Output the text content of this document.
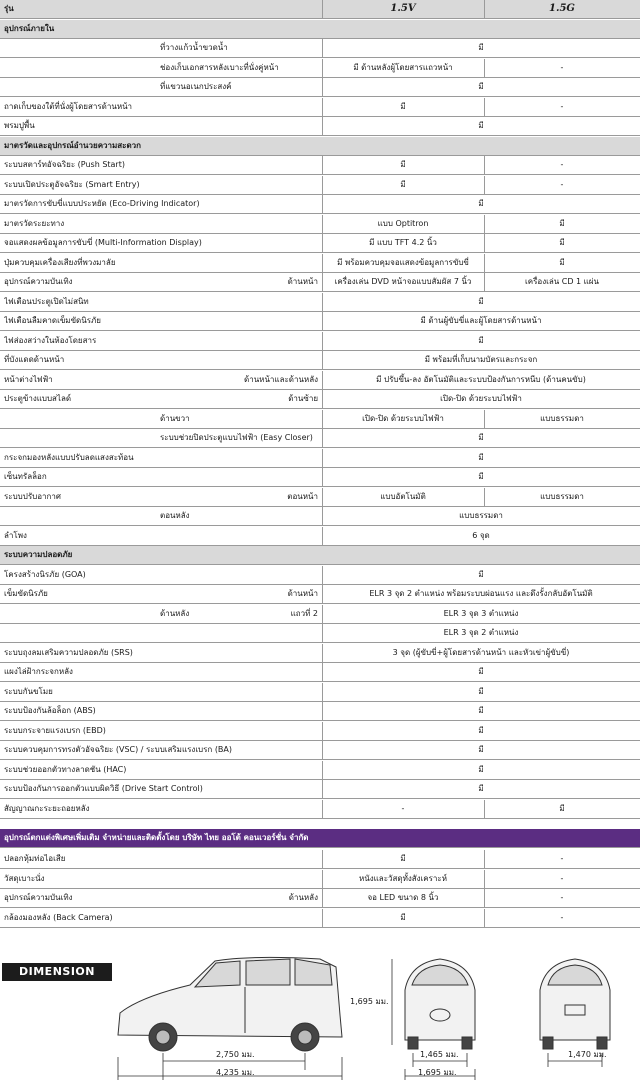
รุ่น	1.5V	1.5G
อุปกรณ์ภายใน
ที่วางแก้วน้ำขวดน้ำ	มี
ช่องเก็บเอกสารหลังเบาะที่นั่งคู่หน้า	มี ด้านหลังผู้โดยสารแถวหน้า	-
ที่แขวนอเนกประสงค์	มี
ถาดเก็บของใต้ที่นั่งผู้โดยสารด้านหน้า	มี	-
พรมปูพื้น	มี
มาตรวัดและอุปกรณ์อำนวยความสะดวก
ระบบสตาร์ทอัจฉริยะ (Push Start)	มี	-
ระบบเปิดประตูอัจฉริยะ (Smart Entry)	มี	-
มาตรวัดการขับขี่แบบประหยัด (Eco-Driving Indicator)	มี
มาตรวัดระยะทาง	แบบ Optitron	มี
จอแสดงผลข้อมูลการขับขี่ (Multi-Information Display)	มี แบบ TFT 4.2 นิ้ว	มี
ปุ่มควบคุมเครื่องเสียงที่พวงมาลัย	มี พร้อมควบคุมจอแสดงข้อมูลการขับขี่	มี
อุปกรณ์ความบันเทิง	ด้านหน้า	เครื่องเล่น DVD หน้าจอแบบสัมผัส 7 นิ้ว	เครื่องเล่น CD 1 แผ่น
ไฟเตือนประตูเปิดไม่สนิท	มี
ไฟเตือนลืมคาดเข็มขัดนิรภัย	มี ด้านผู้ขับขี่และผู้โดยสารด้านหน้า
ไฟส่องสว่างในห้องโดยสาร	มี
ที่บังแดดด้านหน้า	มี พร้อมที่เก็บนามบัตรและกระจก
หน้าต่างไฟฟ้า	ด้านหน้าและด้านหลัง	มี ปรับขึ้น-ลง อัตโนมัติและระบบป้องกันการหนีบ (ด้านคนขับ)
ประตูข้างแบบสไลด์	ด้านซ้าย	เปิด-ปิด ด้วยระบบไฟฟ้า
ด้านขวา	เปิด-ปิด ด้วยระบบไฟฟ้า	แบบธรรมดา
ระบบช่วยปิดประตูแบบไฟฟ้า (Easy Closer)	มี
กระจกมองหลังแบบปรับลดแสงสะท้อน	มี
เซ็นทรัลล็อก	มี
ระบบปรับอากาศ	ตอนหน้า	แบบอัตโนมัติ	แบบธรรมดา
ตอนหลัง	แบบธรรมดา
ลำโพง	6 จุด
ระบบความปลอดภัย
โครงสร้างนิรภัย (GOA)	มี
เข็มขัดนิรภัย	ด้านหน้า	ELR 3 จุด 2 ตำแหน่ง พร้อมระบบผ่อนแรง และดึงรั้งกลับอัตโนมัติ
ด้านหลัง	แถวที่ 2	ELR 3 จุด 3 ตำแหน่ง
ELR 3 จุด 2 ตำแหน่ง
ระบบถุงลมเสริมความปลอดภัย (SRS)	3 จุด (ผู้ขับขี่+ผู้โดยสารด้านหน้า และหัวเข่าผู้ขับขี่)
แผงไล่ฝ้ากระจกหลัง	มี
ระบบกันขโมย	มี
ระบบป้องกันล้อล็อก (ABS)	มี
ระบบกระจายแรงเบรก (EBD)	มี
ระบบควบคุมการทรงตัวอัจฉริยะ (VSC) / ระบบเสริมแรงเบรก (BA)	มี
ระบบช่วยออกตัวทางลาดชัน (HAC)	มี
ระบบป้องกันการออกตัวแบบผิดวิธี (Drive Start Control)	มี
สัญญาณกะระยะถอยหลัง	-	มี
อุปกรณ์ตกแต่งพิเศษเพิ่มเติม จำหน่ายและติดตั้งโดย บริษัท ไทย ออโต้ คอนเวอร์ชั่น จำกัด
ปลอกหุ้มท่อไอเสีย	มี	-
วัสดุเบาะนั่ง	หนังและวัสดุทั้งสังเคราะห์	-
อุปกรณ์ความบันเทิง	ด้านหลัง	จอ LED ขนาด 8 นิ้ว	-
กล้องมองหลัง (Back Camera)	มี	-
DIMENSION
2,750 มม.
4,235 มม.
1,695 มม.
1,465 มม.
1,695 มม.
1,470 มม.
